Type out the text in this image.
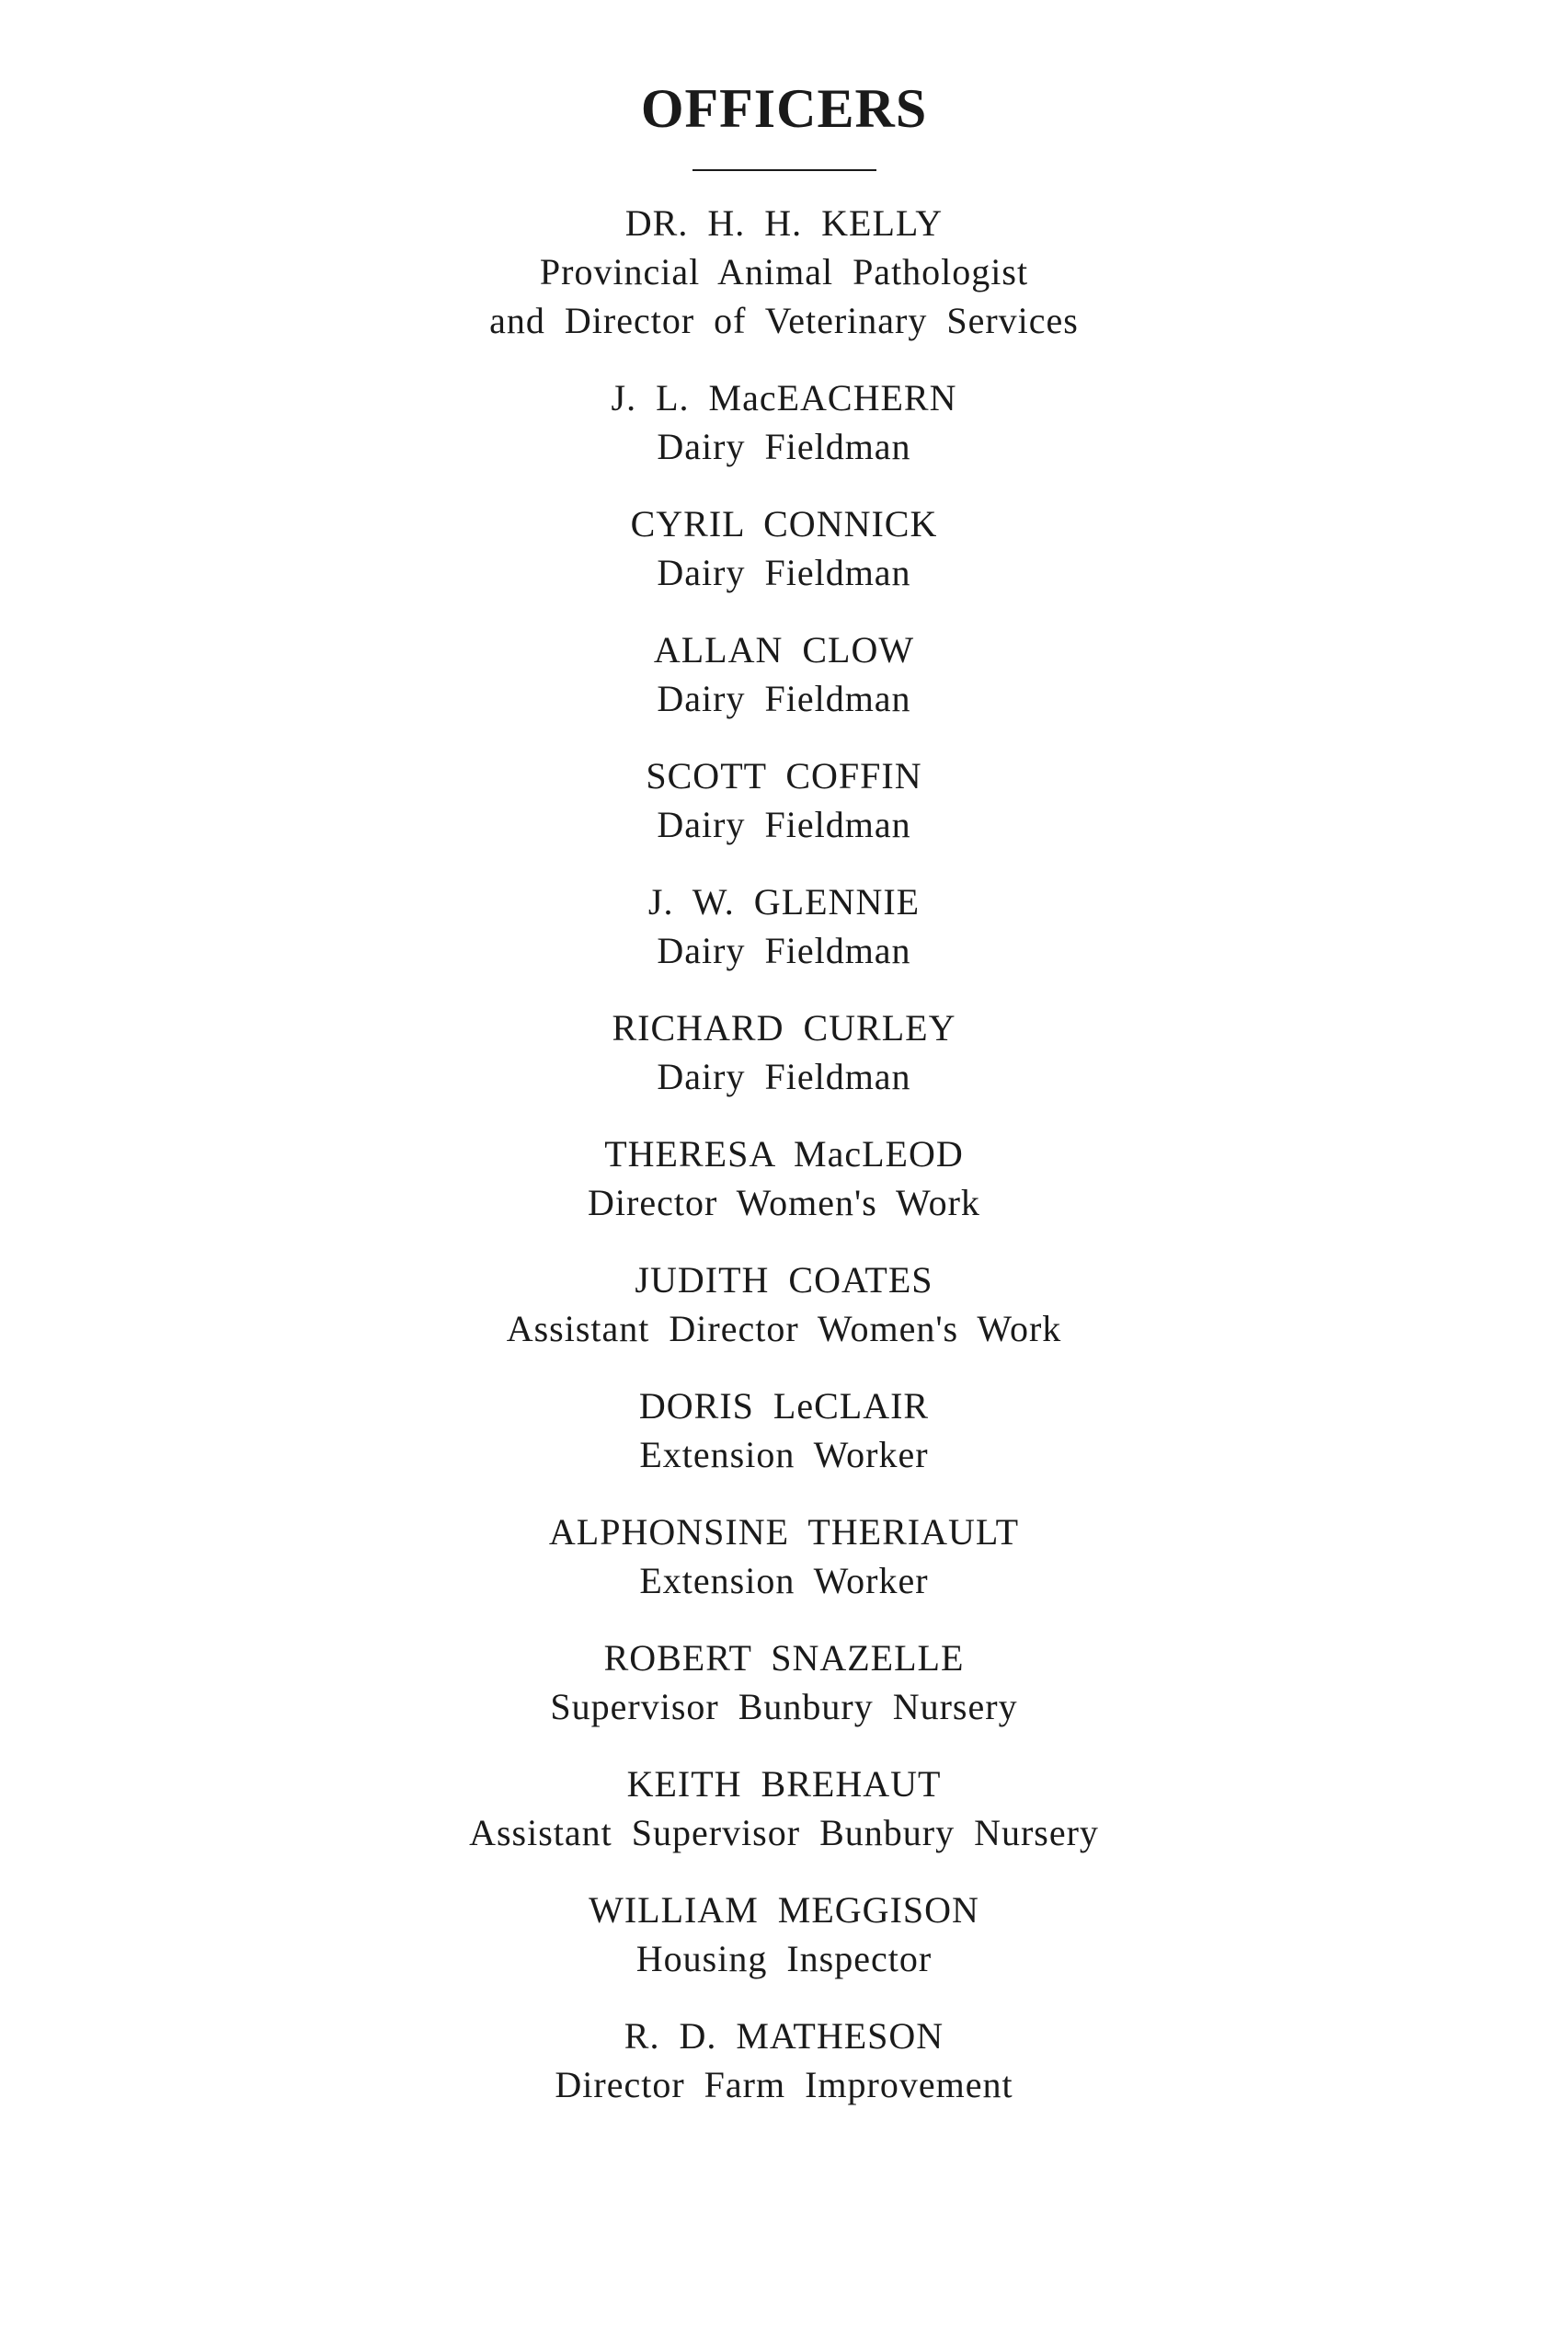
OFFICERS
DR. H. H. KELLY
Provincial Animal Pathologist
and Director of Veterinary Services
J. L. MacEACHERN
Dairy Fieldman
CYRIL CONNICK
Dairy Fieldman
ALLAN CLOW
Dairy Fieldman
SCOTT COFFIN
Dairy Fieldman
J. W. GLENNIE
Dairy Fieldman
RICHARD CURLEY
Dairy Fieldman
THERESA MacLEOD
Director Women's Work
JUDITH COATES
Assistant Director Women's Work
DORIS LeCLAIR
Extension Worker
ALPHONSINE THERIAULT
Extension Worker
ROBERT SNAZELLE
Supervisor Bunbury Nursery
KEITH BREHAUT
Assistant Supervisor Bunbury Nursery
WILLIAM MEGGISON
Housing Inspector
R. D. MATHESON
Director Farm Improvement
